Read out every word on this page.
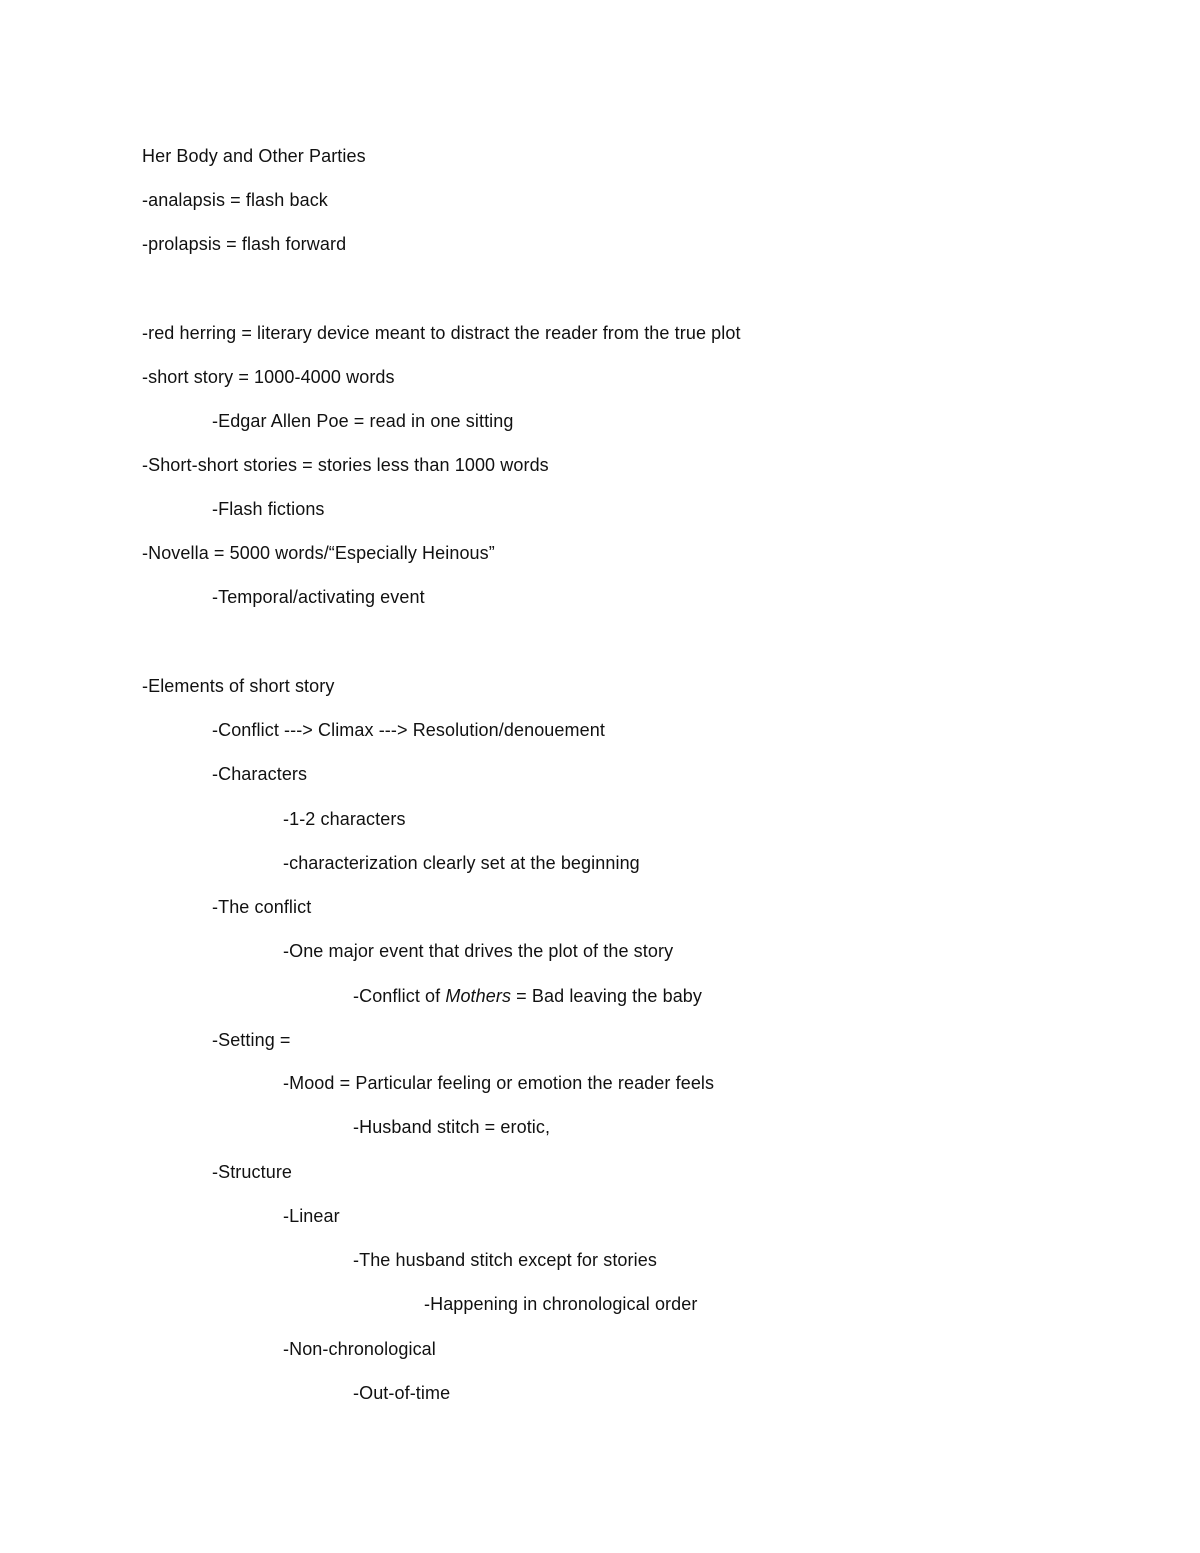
Her Body and Other Parties
-analapsis = flash back
-prolapsis = flash forward
-red herring = literary device meant to distract the reader from the true plot
-short story = 1000-4000 words
-Edgar Allen Poe = read in one sitting
-Short-short stories = stories less than 1000 words
-Flash fictions
-Novella = 5000 words/“Especially Heinous”
-Temporal/activating event
-Elements of short story
-Conflict ---> Climax ---> Resolution/denouement
-Characters
-1-2 characters
-characterization clearly set at the beginning
-The conflict
-One major event that drives the plot of the story
-Conflict of Mothers = Bad leaving the baby
-Setting =
-Mood = Particular feeling or emotion the reader feels
-Husband stitch = erotic,
-Structure
-Linear
-The husband stitch except for stories
-Happening in chronological order
-Non-chronological
-Out-of-time
